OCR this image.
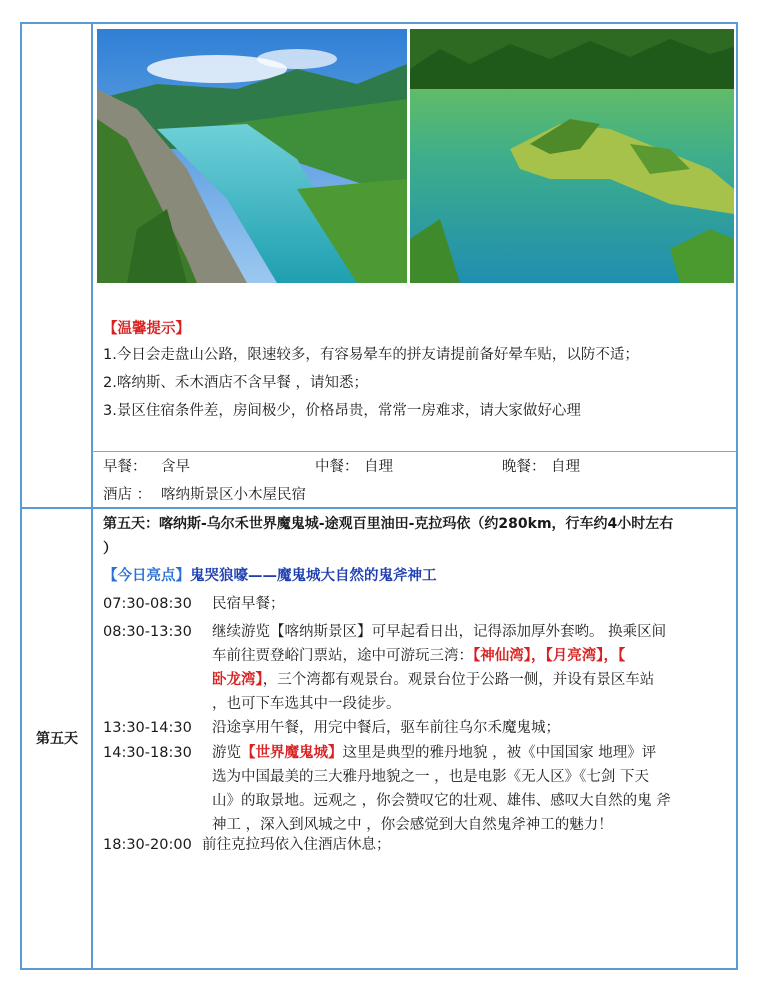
【温馨提示】
1.今日会走盘山公路，限速较多，有容易晕车的拼友请提前备好晕车贴，以防不适；
2.喀纳斯、禾木酒店不含早餐 ，请知悉；
3.景区住宿条件差，房间极少，价格昂贵，常常一房难求，请大家做好心理
早餐： 含早	中餐： 自理	晚餐： 自理
酒店 ： 喀纳斯景区小木屋民宿
第五天
第五天：喀纳斯-乌尔禾世界魔鬼城-途观百里油田-克拉玛依（约280km，行车约4小时左右
）
【今日亮点】鬼哭狼嚎——魔鬼城大自然的鬼斧神工
07:30-08:30 民宿早餐；
08:30-13:30 继续游览【喀纳斯景区】可早起看日出，记得添加厚外套哟。 换乘区间
车前往贾登峪门票站，途中可游玩三湾：【神仙湾】，【月亮湾】，【
卧龙湾】，三个湾都有观景台。观景台位于公路一侧，并设有景区车站
，也可下车选其中一段徒步。
13:30-14:30 沿途享用午餐，用完中餐后，驱车前往乌尔禾魔鬼城；
14:30-18:30 游览【世界魔鬼城】这里是典型的雅丹地貌 ，被《中国国家 地理》评
选为中国最美的三大雅丹地貌之一 ，也是电影《无人区》《七剑 下天
山》的取景地。远观之 ，你会赞叹它的壮观、雄伟、感叹大自然的鬼 斧
神工 ，深入到风城之中 ，你会感觉到大自然鬼斧神工的魅力！
18:30-20:00 前往克拉玛依入住酒店休息；
